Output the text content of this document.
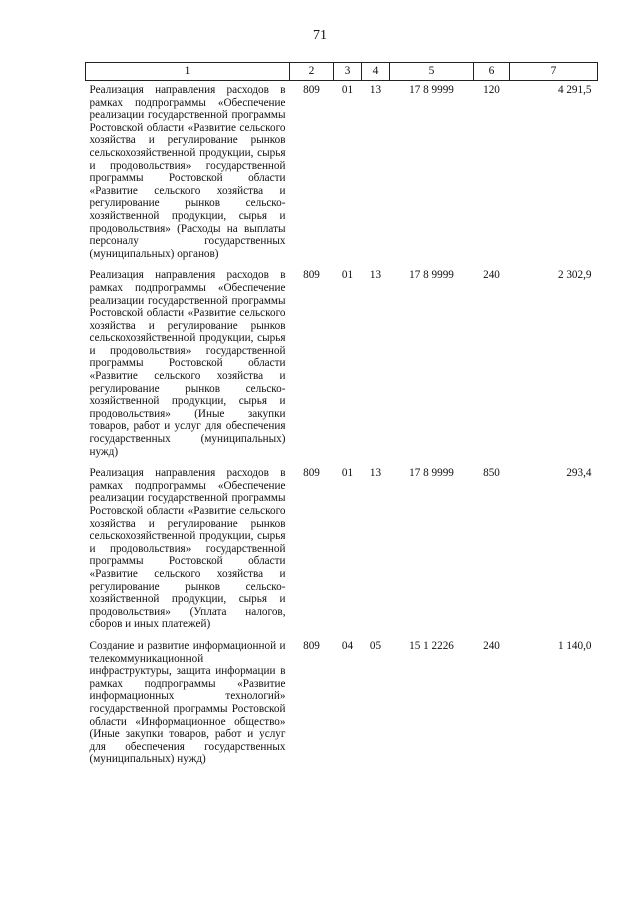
71
1	2	3	4	5	6	7
Реализация направления расходов в рамках подпрограммы «Обеспечение реализации государственной программы Ростовской области «Развитие сельского хозяйства и регулирование рынков сельскохозяйственной продукции, сырья и продовольствия» государственной программы Ростовской области «Развитие сельского хозяйства и регулирование рынков сельскохозяйственной продукции, сырья и продовольствия» (Расходы на выплаты персоналу государственных (муниципальных) органов)	809	01	13	17 8 9999	120	4 291,5
Реализация направления расходов в рамках подпрограммы «Обеспечение реализации государственной программы Ростовской области «Развитие сельского хозяйства и регулирование рынков сельскохозяйственной продукции, сырья и продовольствия» государственной программы Ростовской области «Развитие сельского хозяйства и регулирование рынков сельскохозяйственной продукции, сырья и продовольствия» (Иные закупки товаров, работ и услуг для обеспечения государственных (муниципальных) нужд)	809	01	13	17 8 9999	240	2 302,9
Реализация направления расходов в рамках подпрограммы «Обеспечение реализации государственной программы Ростовской области «Развитие сельского хозяйства и регулирование рынков сельскохозяйственной продукции, сырья и продовольствия» государственной программы Ростовской области «Развитие сельского хозяйства и регулирование рынков сельскохозяйственной продукции, сырья и продовольствия» (Уплата налогов, сборов и иных платежей)	809	01	13	17 8 9999	850	293,4
Создание и развитие информационной и телекоммуникационной инфраструктуры, защита информации в рамках подпрограммы «Развитие информационных технологий» государственной программы Ростовской области «Информационное общество» (Иные закупки товаров, работ и услуг для обеспечения государственных (муниципальных) нужд)	809	04	05	15 1 2226	240	1 140,0
